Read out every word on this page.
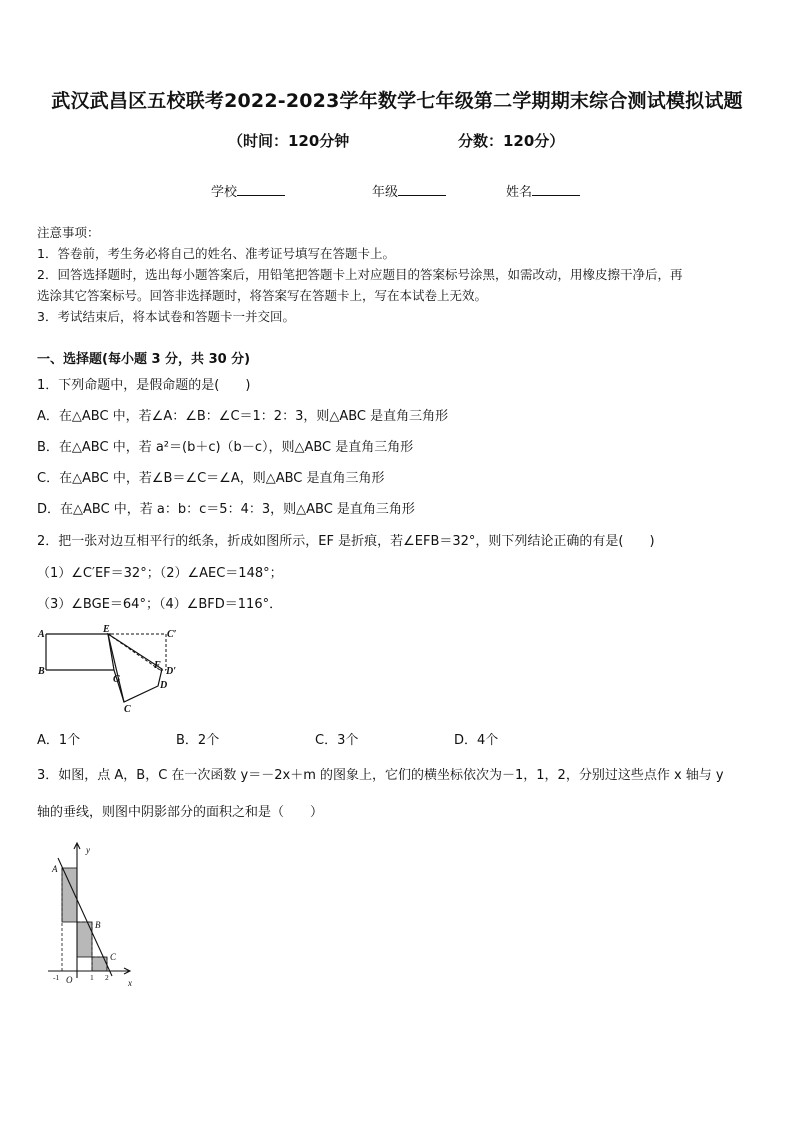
武汉武昌区五校联考2022-2023学年数学七年级第二学期期末综合测试模拟试题
（时间：120分钟	分数：120分）
学校	年级	姓名
注意事项：
1．答卷前，考生务必将自己的姓名、准考证号填写在答题卡上。
2．回答选择题时，选出每小题答案后，用铅笔把答题卡上对应题目的答案标号涂黑，如需改动，用橡皮擦干净后，再
选涂其它答案标号。回答非选择题时，将答案写在答题卡上，写在本试卷上无效。
3．考试结束后，将本试卷和答题卡一并交回。
一、选择题(每小题 3 分，共 30 分)
1．下列命题中，是假命题的是(　　)
A．在△ABC 中，若∠A：∠B：∠C＝1：2：3，则△ABC 是直角三角形
B．在△ABC 中，若 a²＝(b＋c)（b－c），则△ABC 是直角三角形
C．在△ABC 中，若∠B＝∠C＝∠A，则△ABC 是直角三角形
D．在△ABC 中，若 a：b：c＝5：4：3，则△ABC 是直角三角形
2．把一张对边互相平行的纸条，折成如图所示，EF 是折痕，若∠EFB＝32°，则下列结论正确的有是(　　)
（1）∠C′EF＝32°；（2）∠AEC＝148°；
（3）∠BGE＝64°；（4）∠BFD＝116°．
A
B
E	C′
F
D′
G
D
C
A．1个	B．2个	C．3个	D．4个
3．如图，点 A，B，C 在一次函数 y＝－2x＋m 的图象上，它们的横坐标依次为－1，1，2，分别过这些点作 x 轴与 y
轴的垂线，则图中阴影部分的面积之和是（　　）
y
x
O
A
B
C
-1	1 2
